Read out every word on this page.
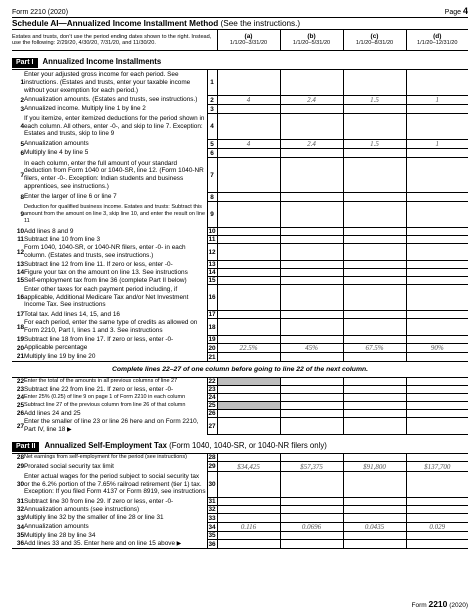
Form 2210 (2020)	Page 4
Schedule AI—Annualized Income Installment Method (See the instructions.)
Estates and trusts, don’t use the period ending dates shown to the right. Instead, use the following: 2/29/20, 4/30/20, 7/31/20, and 11/30/20.			(a)
1/1/20–3/31/20	(b)
1/1/20–5/31/20	(c)
1/1/20–8/31/20	(d)
1/1/20–12/31/20
Part I Annualized Income Installments						
1	Enter your adjusted gross income for each period. See instructions. (Estates and trusts, enter your taxable income without your exemption for each period.)	1				
2	Annualization amounts. (Estates and trusts, see instructions.)	2	4	2.4	1.5	1
3	Annualized income. Multiply line 1 by line 2	3				
4	If you itemize, enter itemized deductions for the period shown in each column. All others, enter -0-, and skip to line 7. Exception: Estates and trusts, skip to line 9	4				
5	Annualization amounts	5	4	2.4	1.5	1
6	Multiply line 4 by line 5	6				
7	In each column, enter the full amount of your standard deduction from Form 1040 or 1040-SR, line 12. (Form 1040-NR filers, enter -0-. Exception: Indian students and business apprentices, see instructions.)	7				
8	Enter the larger of line 6 or line 7	8				
9	Deduction for qualified business income. Estates and trusts: Subtract this amount from the amount on line 3, skip line 10, and enter the result on line 11	9				
10	Add lines 8 and 9	10				
11	Subtract line 10 from line 3	11				
12	Form 1040, 1040-SR, or 1040-NR filers, enter -0- in each column. (Estates and trusts, see instructions.)	12				
13	Subtract line 12 from line 11. If zero or less, enter -0-	13				
14	Figure your tax on the amount on line 13. See instructions	14				
15	Self-employment tax from line 36 (complete Part II below)	15				
16	Enter other taxes for each payment period including, if applicable, Additional Medicare Tax and/or Net Investment Income Tax. See instructions	16				
17	Total tax. Add lines 14, 15, and 16	17				
18	For each period, enter the same type of credits as allowed on Form 2210, Part I, lines 1 and 3. See instructions	18				
19	Subtract line 18 from line 17. If zero or less, enter -0-	19				
20	Applicable percentage	20	22.5%	45%	67.5%	90%
21	Multiply line 19 by line 20	21				
Complete lines 22–27 of one column before going to line 22 of the next column.						
22	Enter the total of the amounts in all previous columns of line 27	22				
23	Subtract line 22 from line 21. If zero or less, enter -0-	23				
24	Enter 25% (0.25) of line 9 on page 1 of Form 2210 in each column	24				
25	Subtract line 27 of the previous column from line 26 of that column	25				
26	Add lines 24 and 25	26				
27	Enter the smaller of line 23 or line 26 here and on Form 2210, Part IV, line 18 ▶	27				
Part II Annualized Self-Employment Tax (Form 1040, 1040-SR, or 1040-NR filers only)						
28	Net earnings from self-employment for the period (see instructions)	28				
29	Prorated social security tax limit	29	$34,425	$57,375	$91,800	$137,700
30	Enter actual wages for the period subject to social security tax or the 6.2% portion of the 7.65% railroad retirement (tier 1) tax. Exception: If you filed Form 4137 or Form 8919, see instructions	30				
31	Subtract line 30 from line 29. If zero or less, enter -0-	31				
32	Annualization amounts (see instructions)	32				
33	Multiply line 32 by the smaller of line 28 or line 31	33				
34	Annualization amounts	34	0.116	0.0696	0.0435	0.029
35	Multiply line 28 by line 34	35				
36	Add lines 33 and 35. Enter here and on line 15 above ▶	36				
Form 2210 (2020)
